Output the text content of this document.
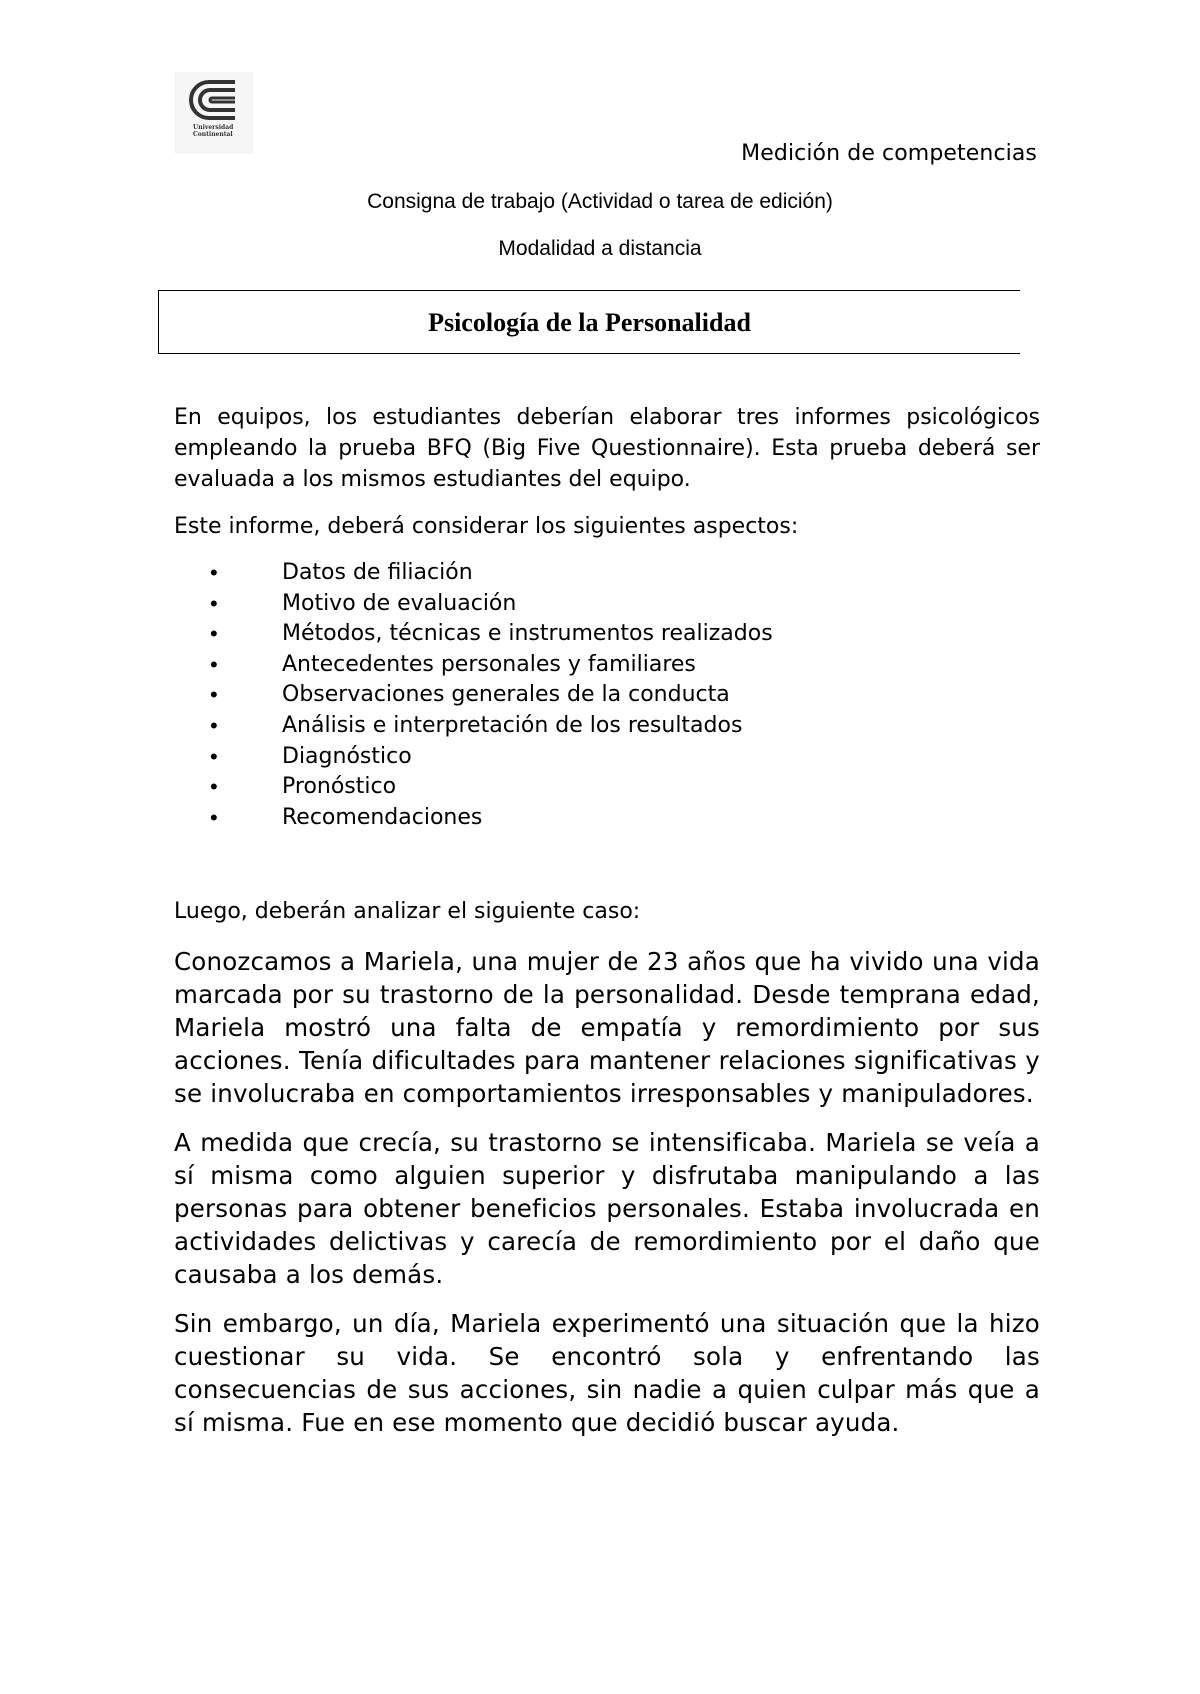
Universidad
Continental
Medición de competencias
Consigna de trabajo (Actividad o tarea de edición)
Modalidad a distancia
Psicología de la Personalidad

En equipos, los estudiantes deberían elaborar tres informes psicológicos empleando la prueba BFQ (Big Five Questionnaire). Esta prueba deberá ser evaluada a los mismos estudiantes del equipo.

Este informe, deberá considerar los siguientes aspectos:
•	Datos de filiación
•	Motivo de evaluación
•	Métodos, técnicas e instrumentos realizados
•	Antecedentes personales y familiares
•	Observaciones generales de la conducta
•	Análisis e interpretación de los resultados
•	Diagnóstico
•	Pronóstico
•	Recomendaciones
Luego, deberán analizar el siguiente caso:

Conozcamos a Mariela, una mujer de 23 años que ha vivido una vida marcada por su trastorno de la personalidad. Desde temprana edad, Mariela mostró una falta de empatía y remordimiento por sus acciones. Tenía dificultades para mantener relaciones significativas y se involucraba en comportamientos irresponsables y manipuladores.

A medida que crecía, su trastorno se intensificaba. Mariela se veía a sí misma como alguien superior y disfrutaba manipulando a las personas para obtener beneficios personales. Estaba involucrada en actividades delictivas y carecía de remordimiento por el daño que causaba a los demás.

Sin embargo, un día, Mariela experimentó una situación que la hizo cuestionar su vida. Se encontró sola y enfrentando las consecuencias de sus acciones, sin nadie a quien culpar más que a sí misma. Fue en ese momento que decidió buscar ayuda.
